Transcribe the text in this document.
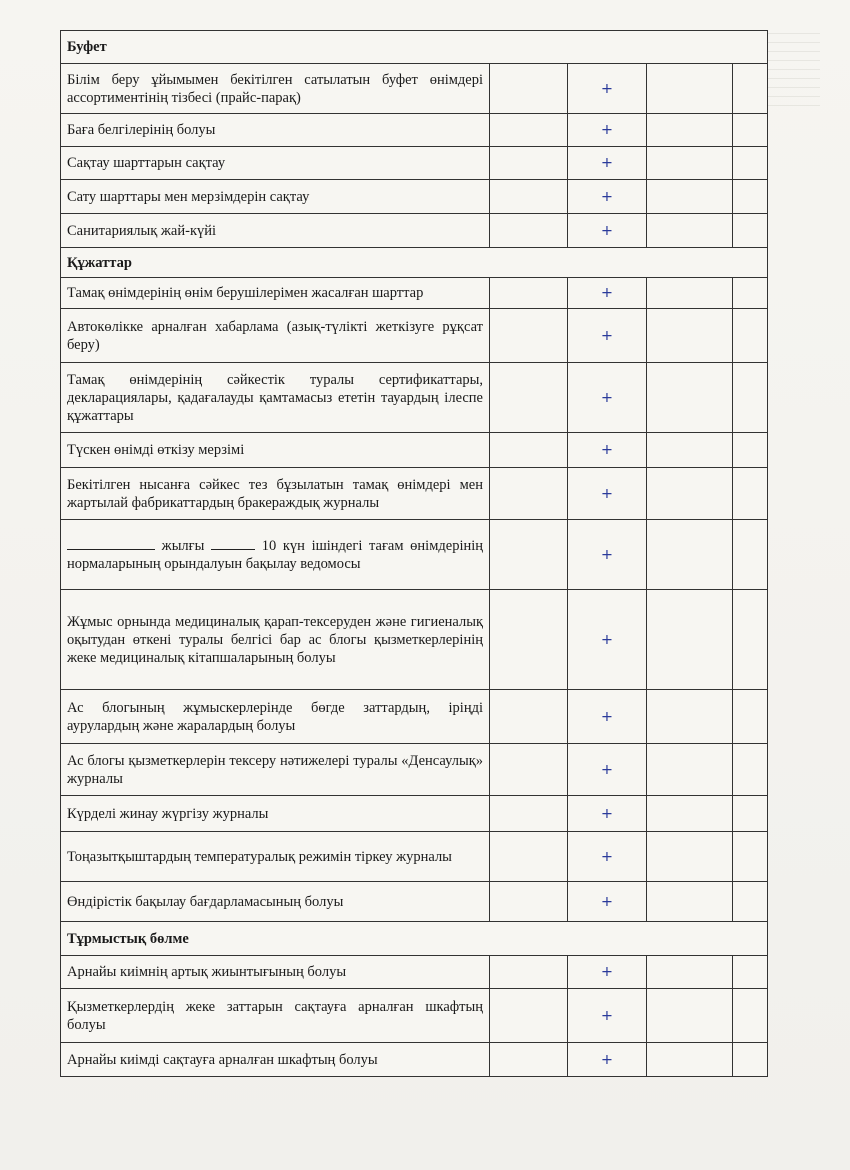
Буфет				
Білім беру ұйымымен бекітілген сатылатын буфет өнімдері ассортиментінің тізбесі (прайс-парақ)		+		
Баға белгілерінің болуы		+		
Сақтау шарттарын сақтау		+		
Сату шарттары мен мерзімдерін сақтау		+		
Санитариялық жай-күйі		+		
Құжаттар				
Тамақ өнімдерінің өнім берушілерімен жасалған шарттар		+		
Автокөлікке арналған хабарлама (азық-түлікті жеткізуге рұқсат беру)		+		
Тамақ өнімдерінің сәйкестік туралы сертификаттары, декларациялары, қадағалауды қамтамасыз ететін тауардың ілеспе құжаттары		+		
Түскен өнімді өткізу мерзімі		+		
Бекітілген нысанға сәйкес тез бұзылатын тамақ өнімдері мен жартылай фабрикаттардың бракераждық журналы		+		
жылғы 10 күн ішіндегі тағам өнімдерінің нормаларының орындалуын бақылау ведомосы		+		
Жұмыс орнында медициналық қарап-тексеруден және гигиеналық оқытудан өткені туралы белгісі бар ас блогы қызметкерлерінің жеке медициналық кітапшаларының болуы		+		
Ас блогының жұмыскерлерінде бөгде заттардың, іріңді аурулардың және жаралардың болуы		+		
Ас блогы қызметкерлерін тексеру нәтижелері туралы «Денсаулық» журналы		+		
Күрделі жинау жүргізу журналы		+		
Тоңазытқыштардың температуралық режимін тіркеу журналы		+		
Өндірістік бақылау бағдарламасының болуы		+		
Тұрмыстық бөлме				
Арнайы киімнің артық жиынтығының болуы		+		
Қызметкерлердің жеке заттарын сақтауға арналған шкафтың болуы		+		
Арнайы киімді сақтауға арналған шкафтың болуы		+		
